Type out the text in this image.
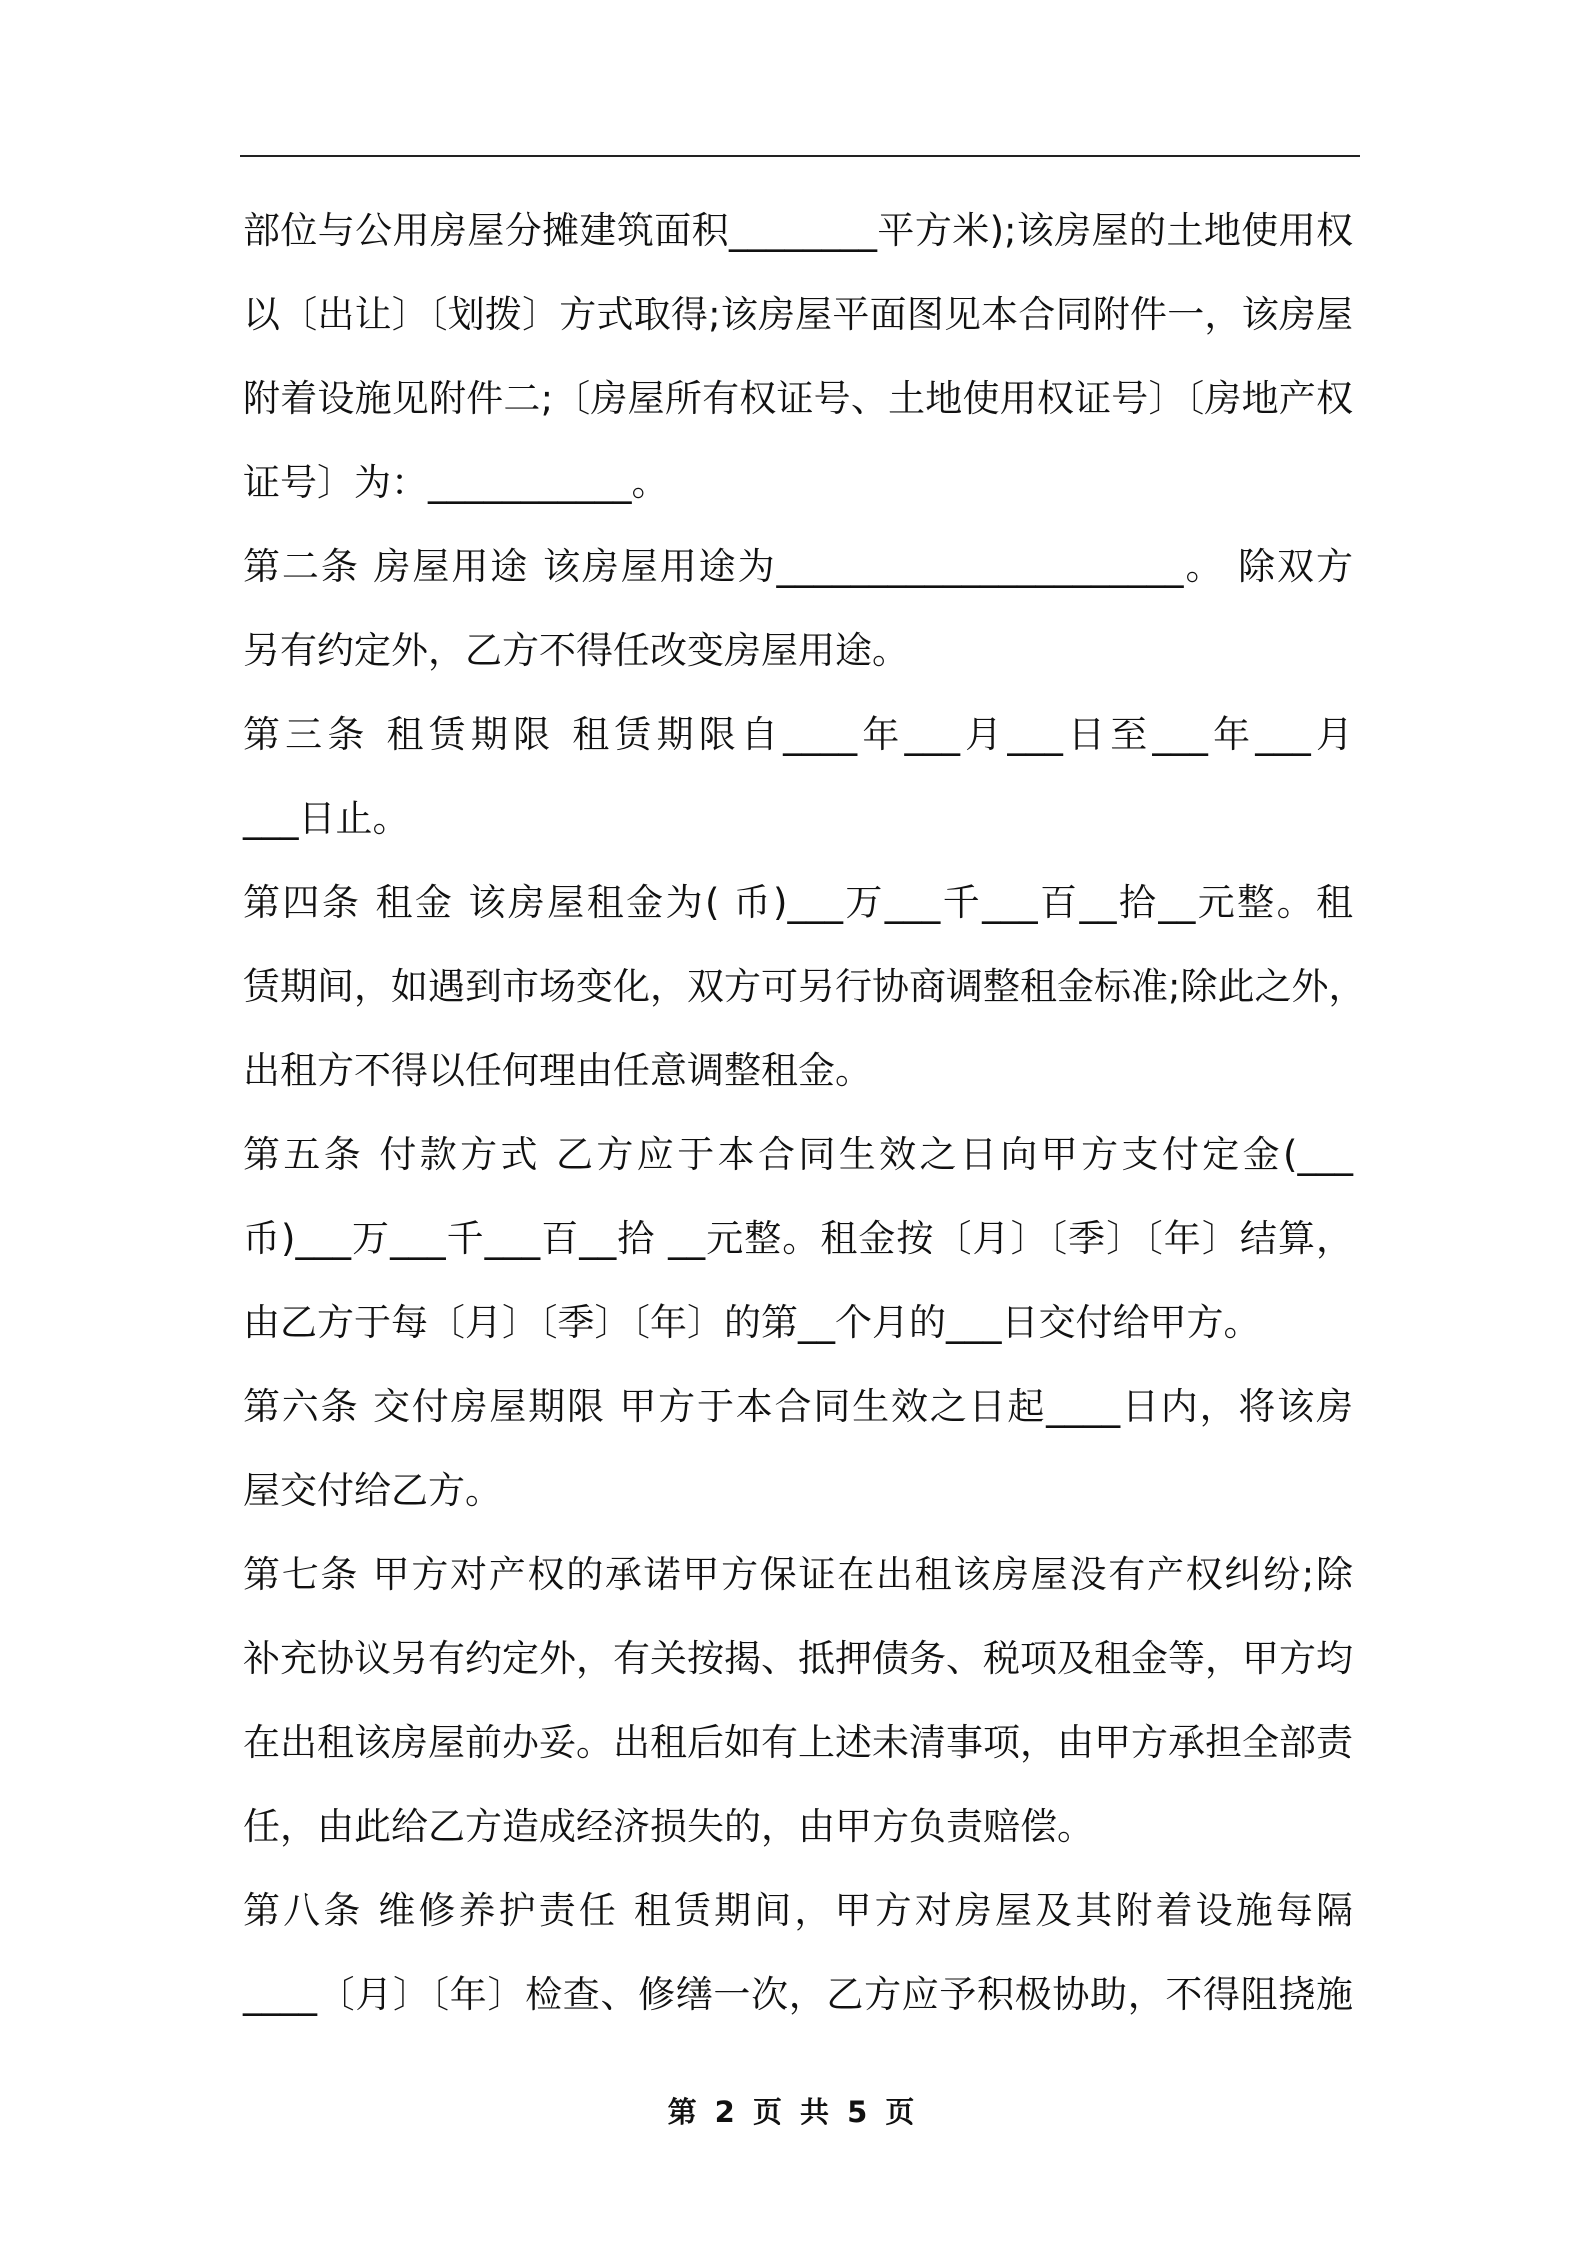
部位与公用房屋分摊建筑面积________平方米);该房屋的土地使用权
以〔出让〕〔划拨〕方式取得;该房屋平面图见本合同附件一，该房屋
附着设施见附件二;〔房屋所有权证号、土地使用权证号〕〔房地产权
证号〕为：___________。
第二条 房屋用途 该房屋用途为______________________。 除双方
另有约定外，乙方不得任改变房屋用途。
第三条 租赁期限 租赁期限自____年___月___日至___年___月
___日止。
第四条 租金 该房屋租金为( 币)___万___千___百__拾__元整。租
赁期间，如遇到市场变化，双方可另行协商调整租金标准;除此之外，
出租方不得以任何理由任意调整租金。
第五条 付款方式 乙方应于本合同生效之日向甲方支付定金(___
币)___万___千___百__拾 __元整。租金按〔月〕〔季〕〔年〕结算，
由乙方于每〔月〕〔季〕〔年〕的第__个月的___日交付给甲方。
第六条 交付房屋期限 甲方于本合同生效之日起____日内，将该房
屋交付给乙方。
第七条 甲方对产权的承诺甲方保证在出租该房屋没有产权纠纷;除
补充协议另有约定外，有关按揭、抵押债务、税项及租金等，甲方均
在出租该房屋前办妥。出租后如有上述未清事项，由甲方承担全部责
任，由此给乙方造成经济损失的，由甲方负责赔偿。
第八条 维修养护责任 租赁期间，甲方对房屋及其附着设施每隔
____〔月〕〔年〕检查、修缮一次，乙方应予积极协助，不得阻挠施
第 2 页 共 5 页
